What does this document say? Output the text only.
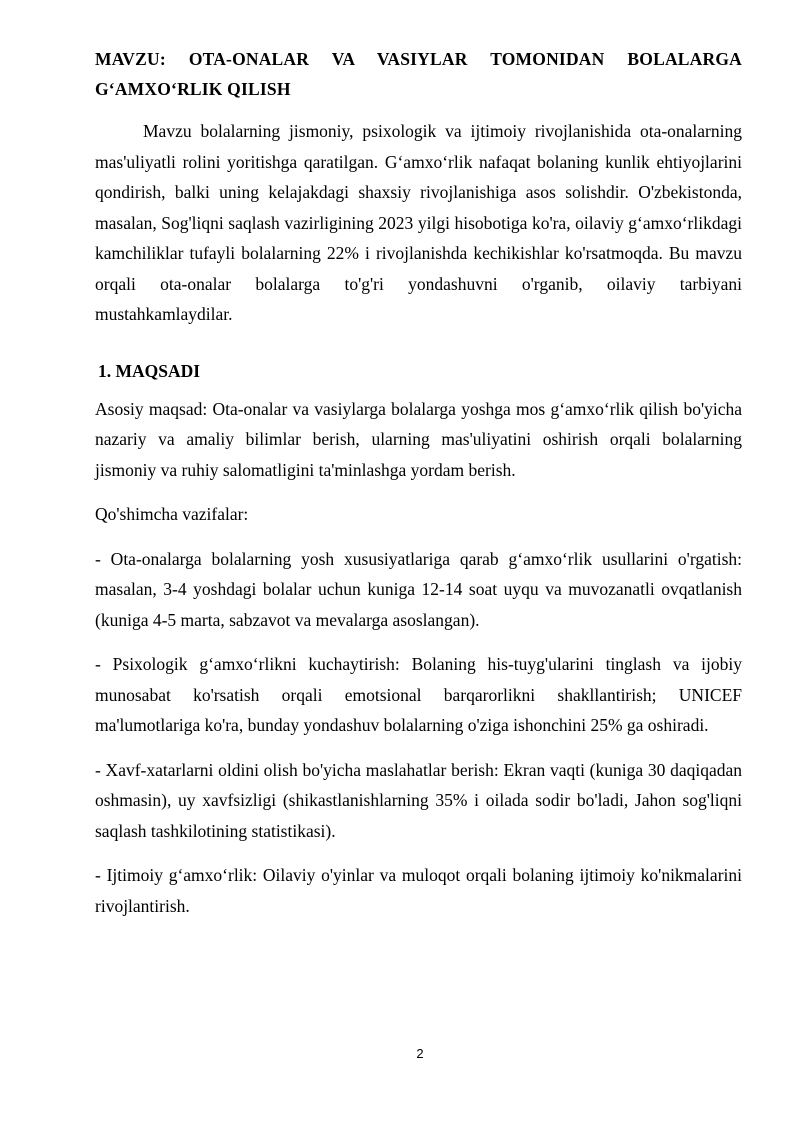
MAVZU: OTA-ONALAR VA VASIYLAR TOMONIDAN BOLALARGA G‘AMXO‘RLIK QILISH

Mavzu bolalarning jismoniy, psixologik va ijtimoiy rivojlanishida ota-onalarning mas'uliyatli rolini yoritishga qaratilgan. G‘amxo‘rlik nafaqat bolaning kunlik ehtiyojlarini qondirish, balki uning kelajakdagi shaxsiy rivojlanishiga asos solishdir. O'zbekistonda, masalan, Sog'liqni saqlash vazirligining 2023 yilgi hisobotiga ko'ra, oilaviy g‘amxo‘rlikdagi kamchiliklar tufayli bolalarning 22% i rivojlanishda kechikishlar ko'rsatmoqda. Bu mavzu orqali ota-onalar bolalarga to'g'ri yondashuvni o'rganib, oilaviy tarbiyani mustahkamlaydilar.

1. MAQSADI

Asosiy maqsad: Ota-onalar va vasiylarga bolalarga yoshga mos g‘amxo‘rlik qilish bo'yicha nazariy va amaliy bilimlar berish, ularning mas'uliyatini oshirish orqali bolalarning jismoniy va ruhiy salomatligini ta'minlashga yordam berish.

Qo'shimcha vazifalar:

- Ota-onalarga bolalarning yosh xususiyatlariga qarab g‘amxo‘rlik usullarini o'rgatish: masalan, 3-4 yoshdagi bolalar uchun kuniga 12-14 soat uyqu va muvozanatli ovqatlanish (kuniga 4-5 marta, sabzavot va mevalarga asoslangan).

- Psixologik g‘amxo‘rlikni kuchaytirish: Bolaning his-tuyg'ularini tinglash va ijobiy munosabat ko'rsatish orqali emotsional barqarorlikni shakllantirish; UNICEF ma'lumotlariga ko'ra, bunday yondashuv bolalarning o'ziga ishonchini 25% ga oshiradi.

- Xavf-xatarlarni oldini olish bo'yicha maslahatlar berish: Ekran vaqti (kuniga 30 daqiqadan oshmasin), uy xavfsizligi (shikastlanishlarning 35% i oilada sodir bo'ladi, Jahon sog'liqni saqlash tashkilotining statistikasi).

- Ijtimoiy g‘amxo‘rlik: Oilaviy o'yinlar va muloqot orqali bolaning ijtimoiy ko'nikmalarini rivojlantirish.

2
